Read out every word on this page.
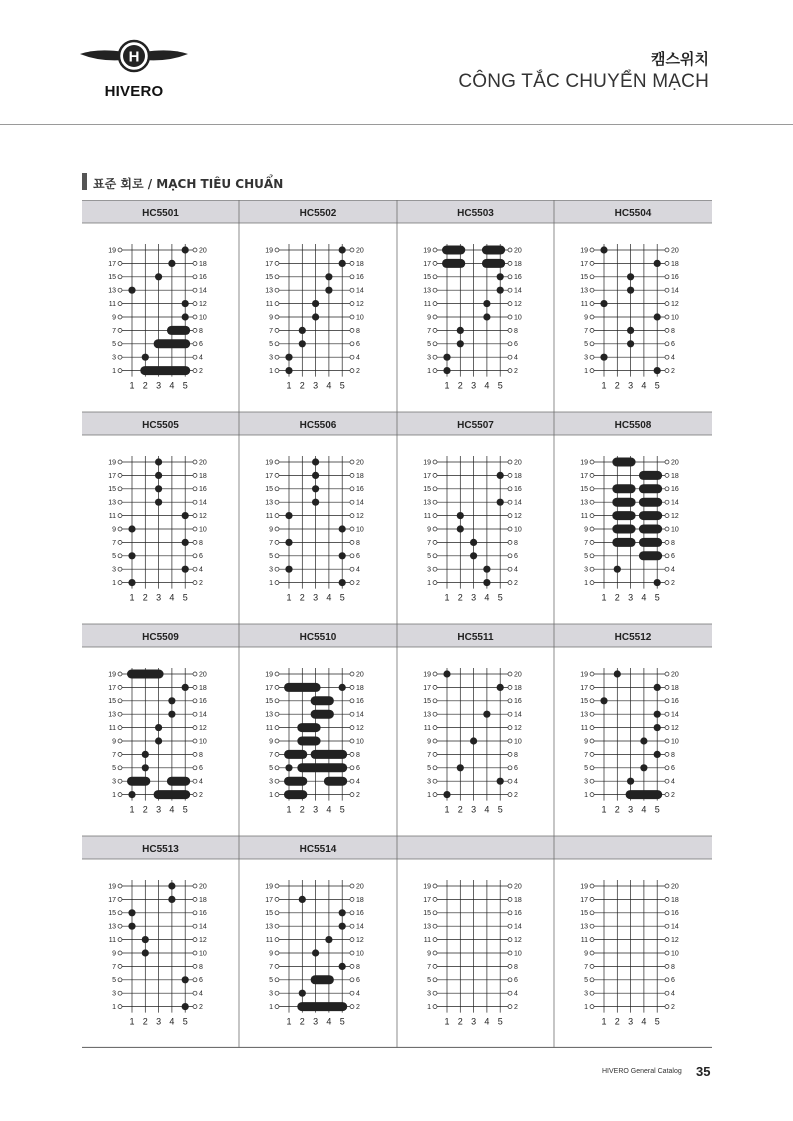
H
HIVERO
캠스위치
CÔNG TẮC CHUYỂN MẠCH
표준 회로 / MẠCH TIÊU CHUẨN
HC5501
19	20
17	18
15	16
13	14
11	12
9	10
7	8
5	6
3	4
1	2
1 2 3 4 5
HC5502
19	20
17	18
15	16
13	14
11	12
9	10
7	8
5	6
3	4
1	2
1 2 3 4 5
HC5503
19	20
17	18
15	16
13	14
11	12
9	10
7	8
5	6
3	4
1	2
1 2 3 4 5
HC5504
19	20
17	18
15	16
13	14
11	12
9	10
7	8
5	6
3	4
1	2
1 2 3 4 5
HC5505
19	20
17	18
15	16
13	14
11	12
9	10
7	8
5	6
3	4
1	2
1 2 3 4 5
HC5506
19	20
17	18
15	16
13	14
11	12
9	10
7	8
5	6
3	4
1	2
1 2 3 4 5
HC5507
19	20
17	18
15	16
13	14
11	12
9	10
7	8
5	6
3	4
1	2
1 2 3 4 5
HC5508
19	20
17	18
15	16
13	14
11	12
9	10
7	8
5	6
3	4
1	2
1 2 3 4 5
HC5509
19	20
17	18
15	16
13	14
11	12
9	10
7	8
5	6
3	4
1	2
1 2 3 4 5
HC5510
19	20
17	18
15	16
13	14
11	12
9	10
7	8
5	6
3	4
1	2
1 2 3 4 5
HC5511
19	20
17	18
15	16
13	14
11	12
9	10
7	8
5	6
3	4
1	2
1 2 3 4 5
HC5512
19	20
17	18
15	16
13	14
11	12
9	10
7	8
5	6
3	4
1	2
1 2 3 4 5
HC5513
19	20
17	18
15	16
13	14
11	12
9	10
7	8
5	6
3	4
1	2
1 2 3 4 5
HC5514
19	20
17	18
15	16
13	14
11	12
9	10
7	8
5	6
3	4
1	2
1 2 3 4 5
19	20
17	18
15	16
13	14
11	12
9	10
7	8
5	6
3	4
1	2
1 2 3 4 5
19	20
17	18
15	16
13	14
11	12
9	10
7	8
5	6
3	4
1	2
1 2 3 4 5
HIVERO General Catalog 35
